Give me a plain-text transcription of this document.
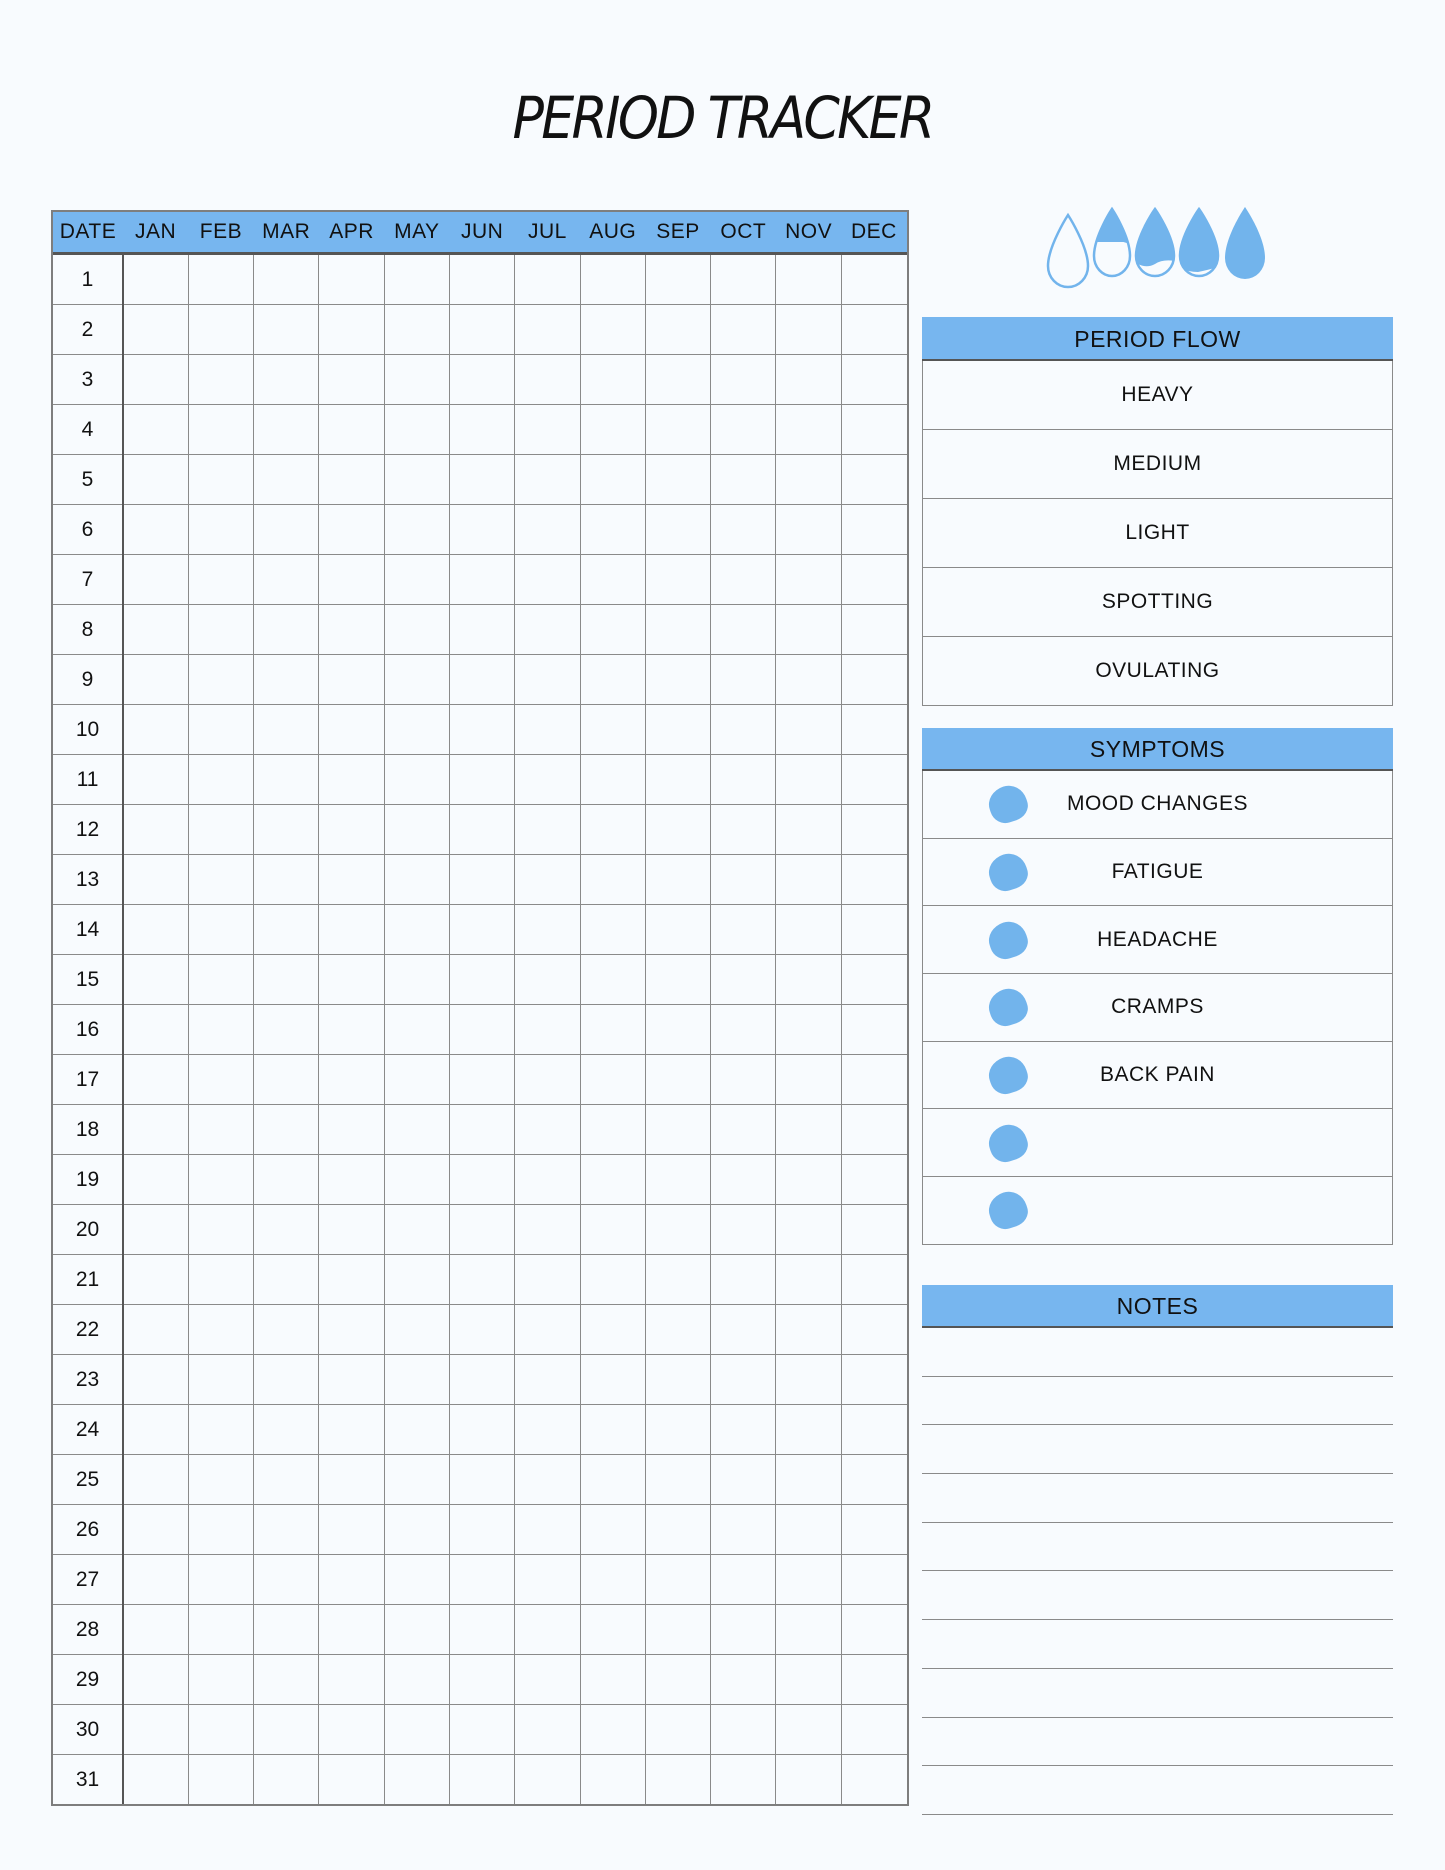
PERIOD TRACKER
DATE	JAN	FEB	MAR	APR	MAY	JUN	JUL	AUG	SEP	OCT	NOV	DEC
1												
2												
3												
4												
5												
6												
7												
8												
9												
10												
11												
12												
13												
14												
15												
16												
17												
18												
19												
20												
21												
22												
23												
24												
25												
26												
27												
28												
29												
30												
31												
PERIOD FLOW
HEAVY
MEDIUM
LIGHT
SPOTTING
OVULATING
SYMPTOMS
MOOD CHANGES
FATIGUE
HEADACHE
CRAMPS
BACK PAIN
NOTES
